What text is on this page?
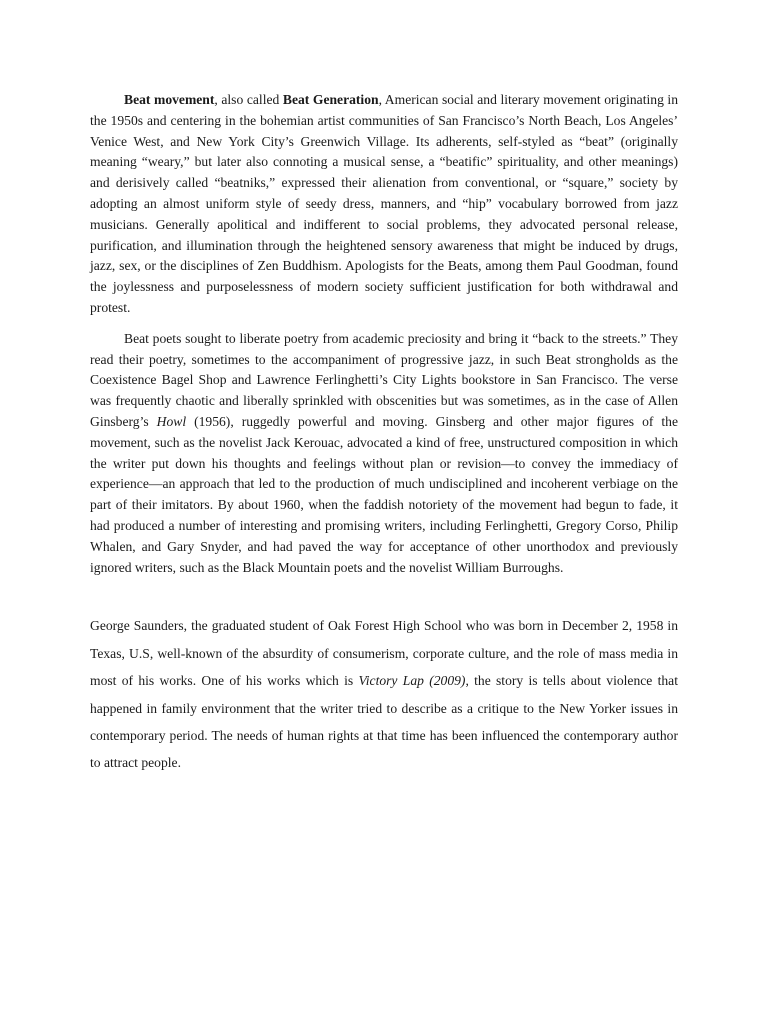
Beat movement, also called Beat Generation, American social and literary movement originating in the 1950s and centering in the bohemian artist communities of San Francisco’s North Beach, Los Angeles’ Venice West, and New York City’s Greenwich Village. Its adherents, self-styled as “beat” (originally meaning “weary,” but later also connoting a musical sense, a “beatific” spirituality, and other meanings) and derisively called “beatniks,” expressed their alienation from conventional, or “square,” society by adopting an almost uniform style of seedy dress, manners, and “hip” vocabulary borrowed from jazz musicians. Generally apolitical and indifferent to social problems, they advocated personal release, purification, and illumination through the heightened sensory awareness that might be induced by drugs, jazz, sex, or the disciplines of Zen Buddhism. Apologists for the Beats, among them Paul Goodman, found the joylessness and purposelessness of modern society sufficient justification for both withdrawal and protest.

Beat poets sought to liberate poetry from academic preciosity and bring it “back to the streets.” They read their poetry, sometimes to the accompaniment of progressive jazz, in such Beat strongholds as the Coexistence Bagel Shop and Lawrence Ferlinghetti’s City Lights bookstore in San Francisco. The verse was frequently chaotic and liberally sprinkled with obscenities but was sometimes, as in the case of Allen Ginsberg’s Howl (1956), ruggedly powerful and moving. Ginsberg and other major figures of the movement, such as the novelist Jack Kerouac, advocated a kind of free, unstructured composition in which the writer put down his thoughts and feelings without plan or revision—to convey the immediacy of experience—an approach that led to the production of much undisciplined and incoherent verbiage on the part of their imitators. By about 1960, when the faddish notoriety of the movement had begun to fade, it had produced a number of interesting and promising writers, including Ferlinghetti, Gregory Corso, Philip Whalen, and Gary Snyder, and had paved the way for acceptance of other unorthodox and previously ignored writers, such as the Black Mountain poets and the novelist William Burroughs.

George Saunders, the graduated student of Oak Forest High School who was born in December 2, 1958 in Texas, U.S, well-known of the absurdity of consumerism, corporate culture, and the role of mass media in most of his works. One of his works which is Victory Lap (2009), the story is tells about violence that happened in family environment that the writer tried to describe as a critique to the New Yorker issues in contemporary period. The needs of human rights at that time has been influenced the contemporary author to attract people.
